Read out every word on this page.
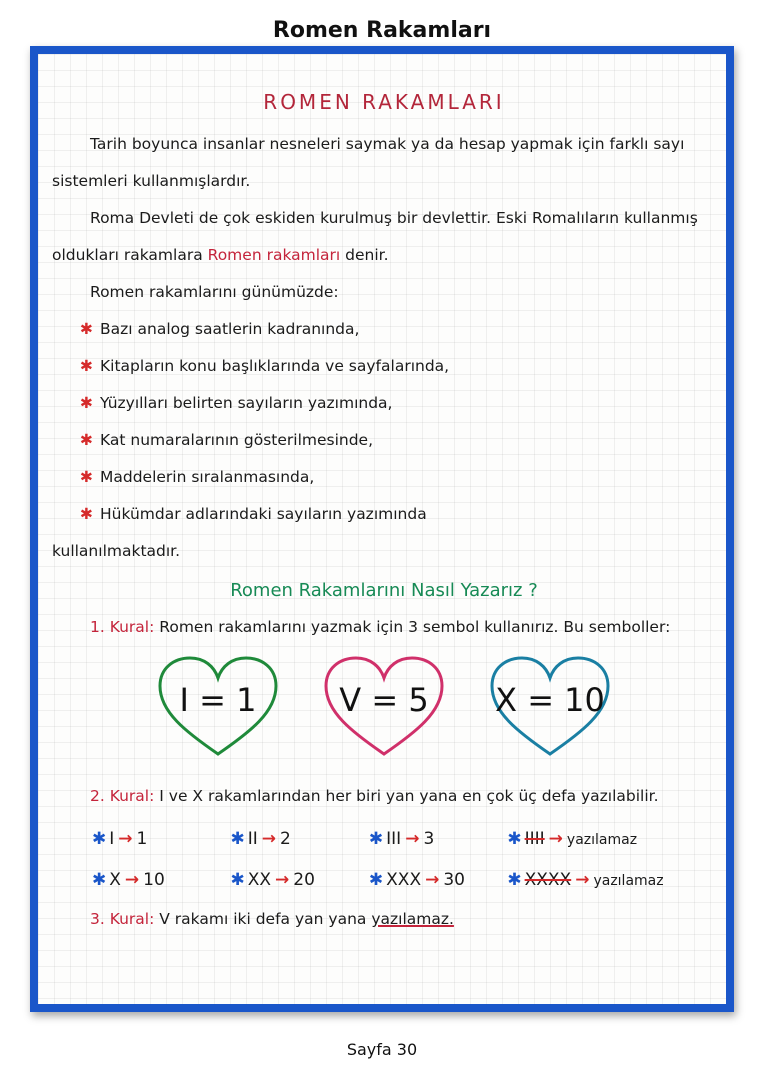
Romen Rakamları
ROMEN RAKAMLARI

Tarih boyunca insanlar nesneleri saymak ya da hesap yapmak için farklı sayı sistemleri kullanmışlardır.

Roma Devleti de çok eskiden kurulmuş bir devlettir. Eski Romalıların kullanmış oldukları rakamlara Romen rakamları denir.

Romen rakamlarını günümüzde:

✱ Bazı analog saatlerin kadranında,
✱ Kitapların konu başlıklarında ve sayfalarında,
✱ Yüzyılları belirten sayıların yazımında,
✱ Kat numaralarının gösterilmesinde,
✱ Maddelerin sıralanmasında,
✱ Hükümdar adlarındaki sayıların yazımında

kullanılmaktadır.

Romen Rakamlarını Nasıl Yazarız ?

1. Kural: Romen rakamlarını yazmak için 3 sembol kullanırız. Bu semboller:

I = 1	V = 5	X = 10

2. Kural: I ve X rakamlarından her biri yan yana en çok üç defa yazılabilir.

✱ I → 1	✱ II → 2	✱ III → 3	✱ IIII → yazılamaz
✱ X → 10	✱ XX → 20	✱ XXX → 30	✱ XXXX → yazılamaz

3. Kural: V rakamı iki defa yan yana yazılamaz.

Sayfa 30
